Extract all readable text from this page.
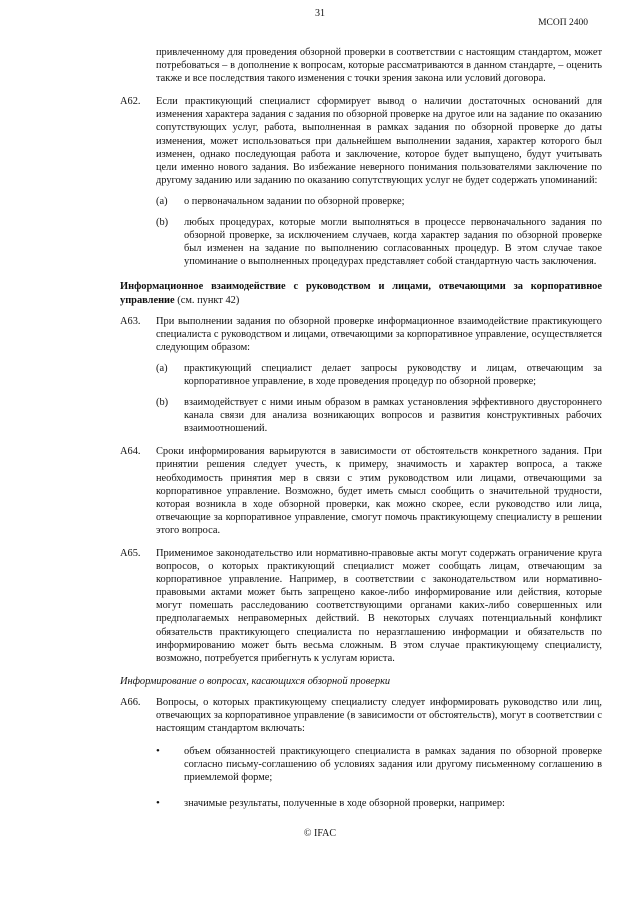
31
МСОП 2400

привлеченному для проведения обзорной проверки в соответствии с настоящим стандартом, может потребоваться – в дополнение к вопросам, которые рассматриваются в данном стандарте, – оценить также и все последствия такого изменения с точки зрения закона или условий договора.

A62.	Если практикующий специалист сформирует вывод о наличии достаточных оснований для изменения характера задания с задания по обзорной проверке на другое или на задание по оказанию сопутствующих услуг, работа, выполненная в рамках задания по обзорной проверке до даты изменения, может использоваться при дальнейшем выполнении задания, характер которого был изменен, однако последующая работа и заключение, которое будет выпущено, будут учитывать цели именно нового задания. Во избежание неверного понимания пользователями заключение по другому заданию или заданию по оказанию сопутствующих услуг не будет содержать упоминаний:

(a)	о первоначальном задании по обзорной проверке;

(b)	любых процедурах, которые могли выполняться в процессе первоначального задания по обзорной проверке, за исключением случаев, когда характер задания по обзорной проверке был изменен на задание по выполнению согласованных процедур. В этом случае такое упоминание о выполненных процедурах представляет собой стандартную часть заключения.

Информационное взаимодействие с руководством и лицами, отвечающими за корпоративное управление (см. пункт 42)

A63.	При выполнении задания по обзорной проверке информационное взаимодействие практикующего специалиста с руководством и лицами, отвечающими за корпоративное управление, осуществляется следующим образом:

(a)	практикующий специалист делает запросы руководству и лицам, отвечающим за корпоративное управление, в ходе проведения процедур по обзорной проверке;

(b)	взаимодействует с ними иным образом в рамках установления эффективного двустороннего канала связи для анализа возникающих вопросов и развития конструктивных рабочих взаимоотношений.

A64.	Сроки информирования варьируются в зависимости от обстоятельств конкретного задания. При принятии решения следует учесть, к примеру, значимость и характер вопроса, а также необходимость принятия мер в связи с этим руководством или лицами, отвечающими за корпоративное управление. Возможно, будет иметь смысл сообщить о значительной трудности, которая возникла в ходе обзорной проверки, как можно скорее, если руководство или лица, отвечающие за корпоративное управление, смогут помочь практикующему специалисту в решении этого вопроса.

A65.	Применимое законодательство или нормативно-правовые акты могут содержать ограничение круга вопросов, о которых практикующий специалист может сообщать лицам, отвечающим за корпоративное управление. Например, в соответствии с законодательством или нормативно-правовыми актами может быть запрещено какое-либо информирование или действия, которые могут помешать расследованию соответствующими органами каких-либо совершенных или предполагаемых неправомерных действий. В некоторых случаях потенциальный конфликт обязательств практикующего специалиста по неразглашению информации и обязательств по информированию может быть весьма сложным. В этом случае практикующему специалисту, возможно, потребуется прибегнуть к услугам юриста.

Информирование о вопросах, касающихся обзорной проверки

A66.	Вопросы, о которых практикующему специалисту следует информировать руководство или лиц, отвечающих за корпоративное управление (в зависимости от обстоятельств), могут в соответствии с настоящим стандартом включать:

•	объем обязанностей практикующего специалиста в рамках задания по обзорной проверке согласно письму-соглашению об условиях задания или другому письменному соглашению в приемлемой форме;

•	значимые результаты, полученные в ходе обзорной проверки, например:

© IFAC
